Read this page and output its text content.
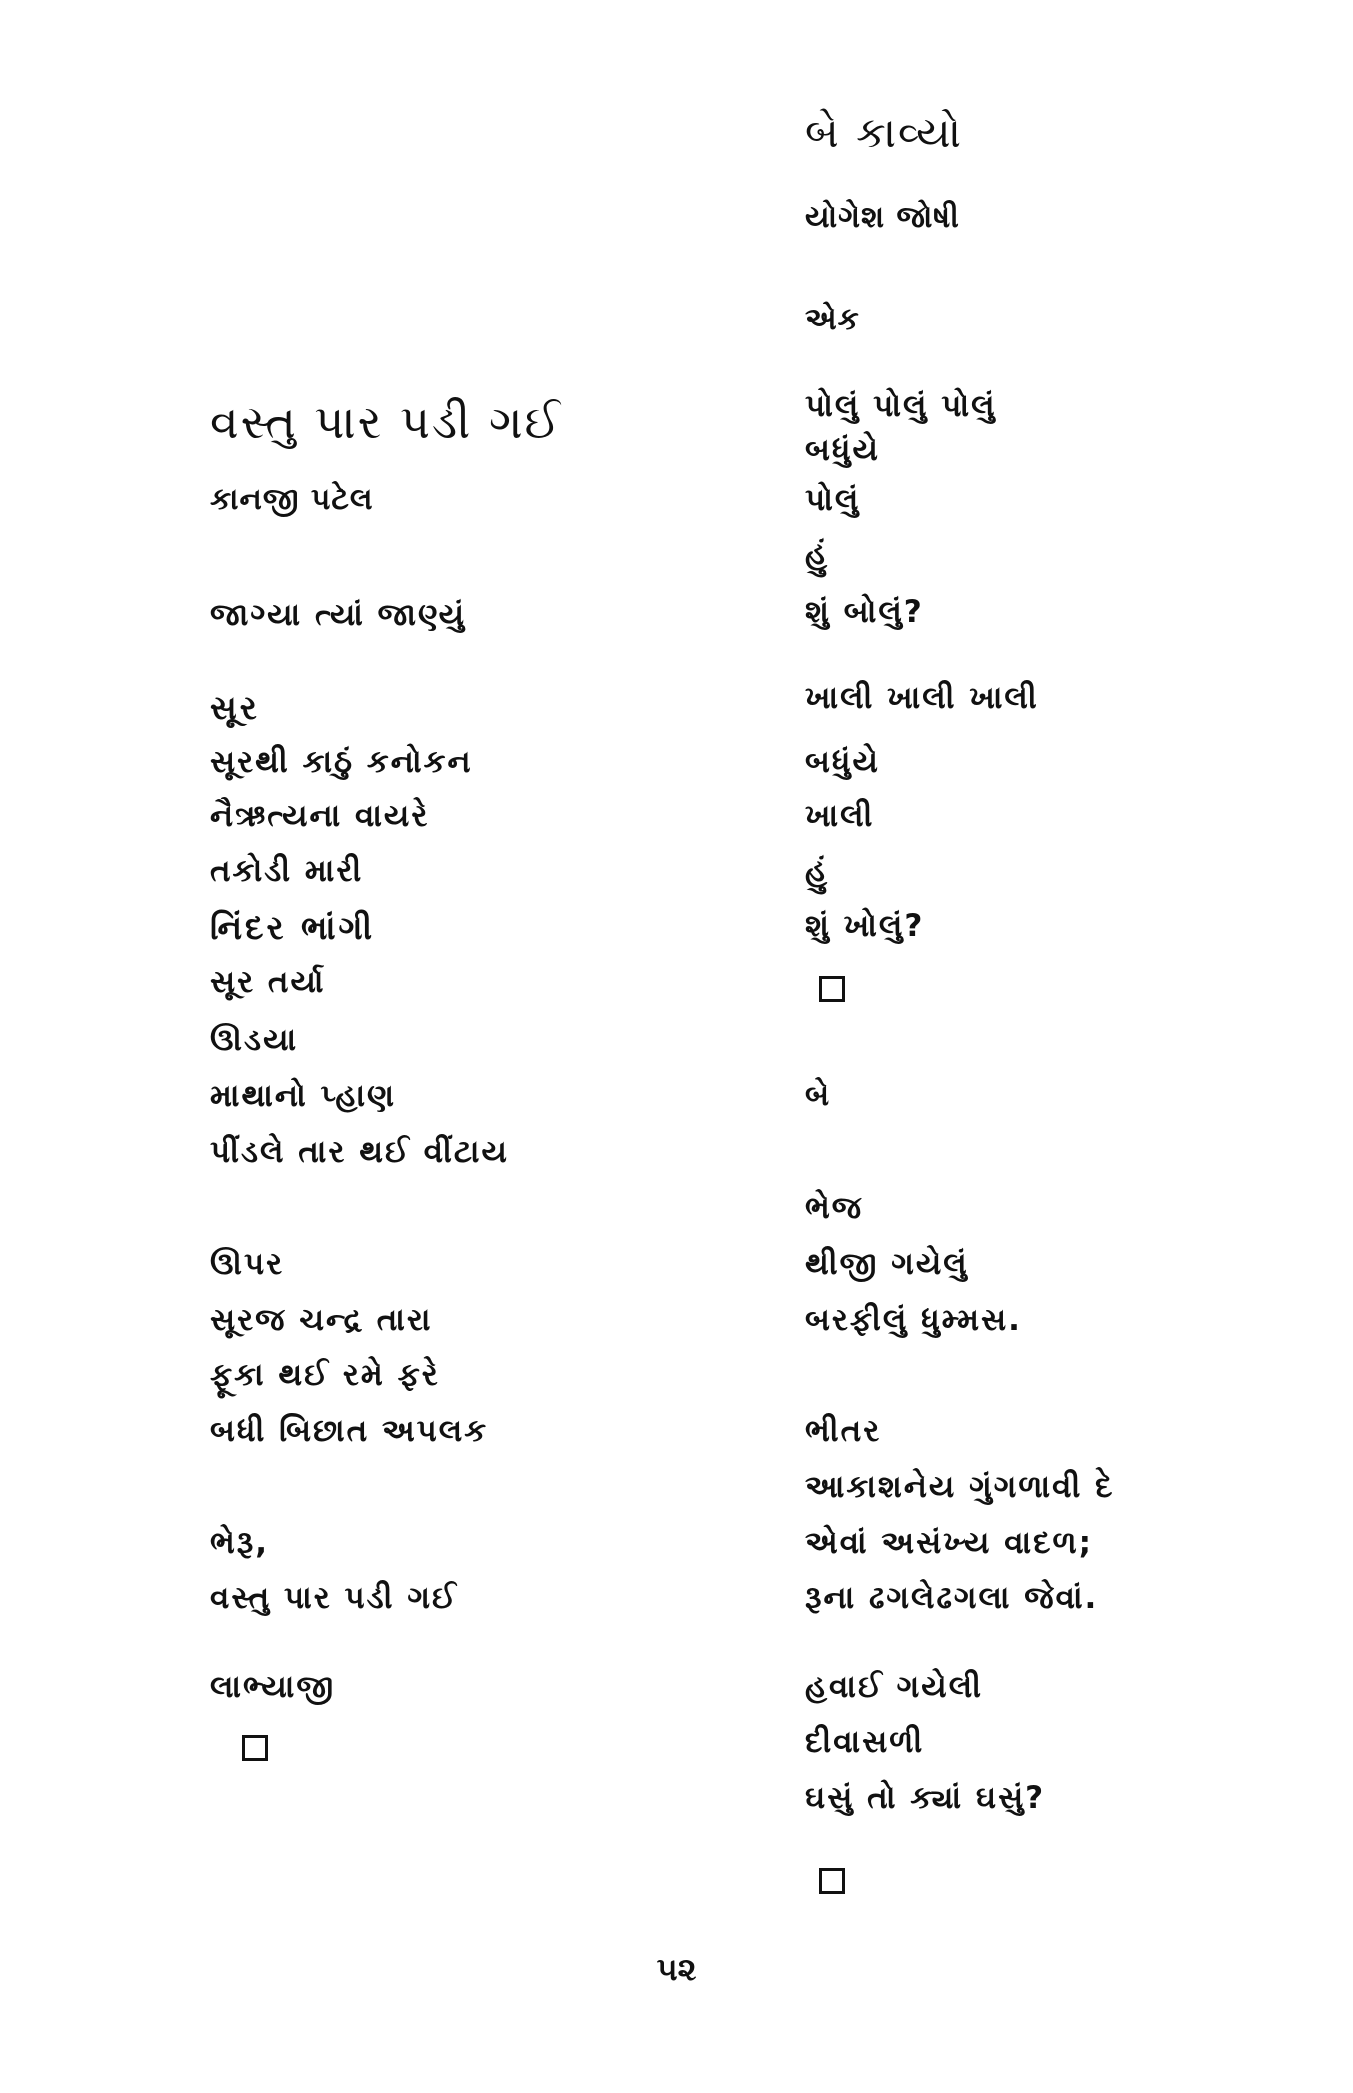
વસ્તુ પાર પડી ગઈ
કાનજી પટેલ
જાગ્યા ત્યાં જાણ્યું
સૂર
સૂરથી કાઠું કનોકન
નૈઋત્યના વાયરે
તકોડી મારી
નિંદર ભાંગી
સૂર તર્યા
ઊડયા
માથાનો પ્હાણ
પીંડલે તાર થઈ વીંટાય
ઊપર
સૂરજ ચન્દ્ર તારા
ફૂકા થઈ રમે ફરે
બધી બિછાત અપલક
ભેરૂ,
વસ્તુ પાર પડી ગઈ
લાભ્યાજી
બે કાવ્યો
યોગેશ જોષી
એક
પોલું પોલું પોલું
બધુંયે
પોલું
હું
શું બોલું?
ખાલી ખાલી ખાલી
બધુંયે
ખાલી
હું
શું ખોલું?
બે
ભેજ
થીજી ગયેલું
બરફીલું ધુમ્મસ.
ભીતર
આકાશનેય ગુંગળાવી દે
એવાં અસંખ્ય વાદળ;
રૂના ઢગલેઢગલા જેવાં.
હવાઈ ગયેલી
દીવાસળી
ઘસું તો ક્યાં ઘસું?
૫૨
